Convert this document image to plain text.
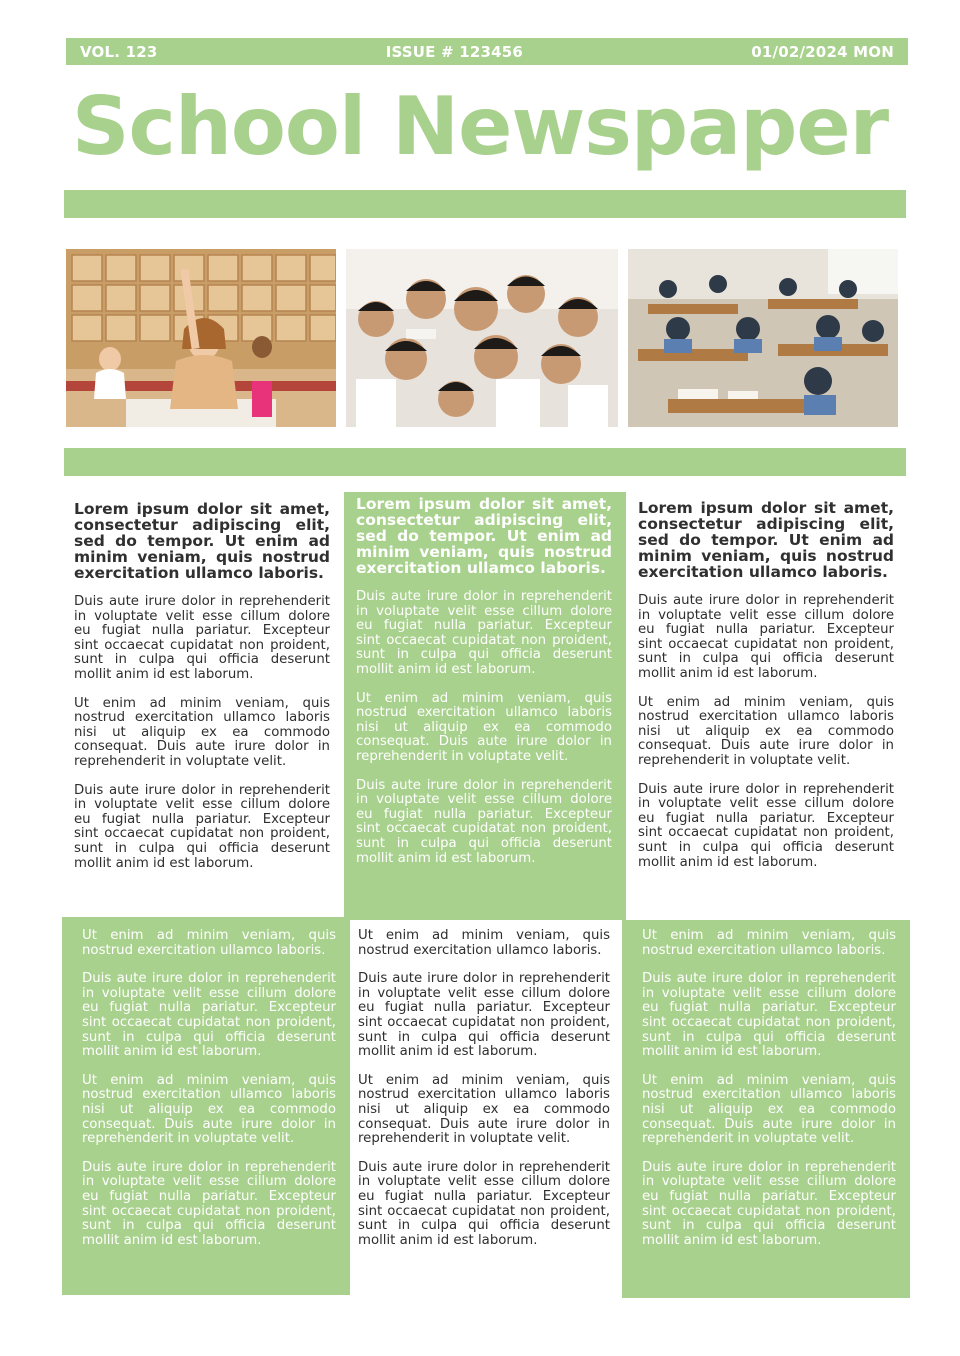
VOL. 123	ISSUE # 123456	01/02/2024 MON
School Newspaper
Lorem ipsum dolor sit amet, consectetur adipiscing elit, sed do tempor. Ut enim ad minim veniam, quis nostrud exercitation ullamco laboris.
Duis aute irure dolor in reprehenderit in voluptate velit esse cillum dolore eu fugiat nulla pariatur. Excepteur sint occaecat cupidatat non proident, sunt in culpa qui officia deserunt mollit anim id est laborum.
Ut enim ad minim veniam, quis nostrud exercitation ullamco laboris nisi ut aliquip ex ea commodo consequat. Duis aute irure dolor in reprehenderit in voluptate velit.
Duis aute irure dolor in reprehenderit in voluptate velit esse cillum dolore eu fugiat nulla pariatur. Excepteur sint occaecat cupidatat non proident, sunt in culpa qui officia deserunt mollit anim id est laborum.
Lorem ipsum dolor sit amet, consectetur adipiscing elit, sed do tempor. Ut enim ad minim veniam, quis nostrud exercitation ullamco laboris.
Duis aute irure dolor in reprehenderit in voluptate velit esse cillum dolore eu fugiat nulla pariatur. Excepteur sint occaecat cupidatat non proident, sunt in culpa qui officia deserunt mollit anim id est laborum.
Ut enim ad minim veniam, quis nostrud exercitation ullamco laboris nisi ut aliquip ex ea commodo consequat. Duis aute irure dolor in reprehenderit in voluptate velit.
Duis aute irure dolor in reprehenderit in voluptate velit esse cillum dolore eu fugiat nulla pariatur. Excepteur sint occaecat cupidatat non proident, sunt in culpa qui officia deserunt mollit anim id est laborum.
Lorem ipsum dolor sit amet, consectetur adipiscing elit, sed do tempor. Ut enim ad minim veniam, quis nostrud exercitation ullamco laboris.
Duis aute irure dolor in reprehenderit in voluptate velit esse cillum dolore eu fugiat nulla pariatur. Excepteur sint occaecat cupidatat non proident, sunt in culpa qui officia deserunt mollit anim id est laborum.
Ut enim ad minim veniam, quis nostrud exercitation ullamco laboris nisi ut aliquip ex ea commodo consequat. Duis aute irure dolor in reprehenderit in voluptate velit.
Duis aute irure dolor in reprehenderit in voluptate velit esse cillum dolore eu fugiat nulla pariatur. Excepteur sint occaecat cupidatat non proident, sunt in culpa qui officia deserunt mollit anim id est laborum.
Ut enim ad minim veniam, quis nostrud exercitation ullamco laboris.
Duis aute irure dolor in reprehenderit in voluptate velit esse cillum dolore eu fugiat nulla pariatur. Excepteur sint occaecat cupidatat non proident, sunt in culpa qui officia deserunt mollit anim id est laborum.
Ut enim ad minim veniam, quis nostrud exercitation ullamco laboris nisi ut aliquip ex ea commodo consequat. Duis aute irure dolor in reprehenderit in voluptate velit.
Duis aute irure dolor in reprehenderit in voluptate velit esse cillum dolore eu fugiat nulla pariatur. Excepteur sint occaecat cupidatat non proident, sunt in culpa qui officia deserunt mollit anim id est laborum.
Ut enim ad minim veniam, quis nostrud exercitation ullamco laboris.
Duis aute irure dolor in reprehenderit in voluptate velit esse cillum dolore eu fugiat nulla pariatur. Excepteur sint occaecat cupidatat non proident, sunt in culpa qui officia deserunt mollit anim id est laborum.
Ut enim ad minim veniam, quis nostrud exercitation ullamco laboris nisi ut aliquip ex ea commodo consequat. Duis aute irure dolor in reprehenderit in voluptate velit.
Duis aute irure dolor in reprehenderit in voluptate velit esse cillum dolore eu fugiat nulla pariatur. Excepteur sint occaecat cupidatat non proident, sunt in culpa qui officia deserunt mollit anim id est laborum.
Ut enim ad minim veniam, quis nostrud exercitation ullamco laboris.
Duis aute irure dolor in reprehenderit in voluptate velit esse cillum dolore eu fugiat nulla pariatur. Excepteur sint occaecat cupidatat non proident, sunt in culpa qui officia deserunt mollit anim id est laborum.
Ut enim ad minim veniam, quis nostrud exercitation ullamco laboris nisi ut aliquip ex ea commodo consequat. Duis aute irure dolor in reprehenderit in voluptate velit.
Duis aute irure dolor in reprehenderit in voluptate velit esse cillum dolore eu fugiat nulla pariatur. Excepteur sint occaecat cupidatat non proident, sunt in culpa qui officia deserunt mollit anim id est laborum.
